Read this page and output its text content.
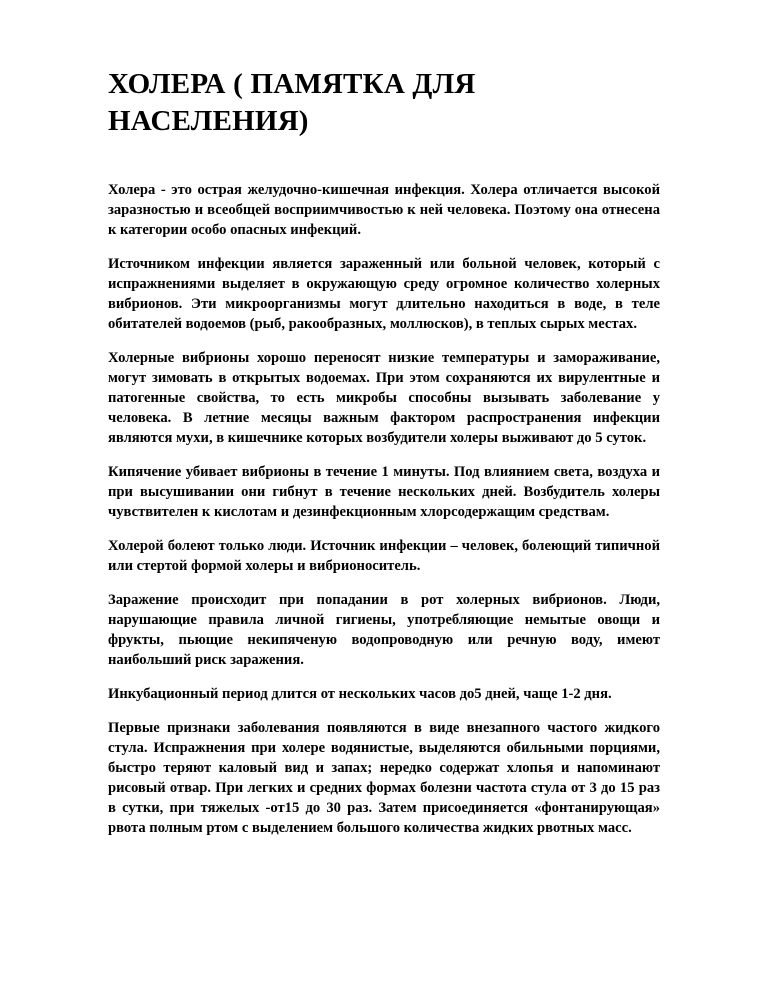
ХОЛЕРА ( ПАМЯТКА ДЛЯ НАСЕЛЕНИЯ)

Холера - это острая желудочно-кишечная инфекция. Холера отличается высокой заразностью и всеобщей восприимчивостью к ней человека. Поэтому она отнесена к категории особо опасных инфекций.

Источником инфекции является зараженный или больной человек, который с испражнениями выделяет в окружающую среду огромное количество холерных вибрионов. Эти микроорганизмы могут длительно находиться в воде, в теле обитателей водоемов (рыб, ракообразных, моллюсков), в теплых сырых местах.

Холерные вибрионы хорошо переносят низкие температуры и замораживание, могут зимовать в открытых водоемах. При этом сохраняются их вирулентные и патогенные свойства, то есть микробы способны вызывать заболевание у человека. В летние месяцы важным фактором распространения инфекции являются мухи, в кишечнике которых возбудители холеры выживают до 5 суток.

Кипячение убивает вибрионы в течение 1 минуты. Под влиянием света, воздуха и при высушивании они гибнут в течение нескольких дней. Возбудитель холеры чувствителен к кислотам и дезинфекционным хлорсодержащим средствам.

Холерой болеют только люди. Источник инфекции – человек, болеющий типичной или стертой формой холеры и вибрионоситель.

Заражение происходит при попадании в рот холерных вибрионов. Люди, нарушающие правила личной гигиены, употребляющие немытые овощи и фрукты, пьющие некипяченую водопроводную или речную воду, имеют наибольший риск заражения.

Инкубационный период длится от нескольких часов до5 дней, чаще 1-2 дня.

Первые признаки заболевания появляются в виде внезапного частого жидкого стула. Испражнения при холере водянистые, выделяются обильными порциями, быстро теряют каловый вид и запах; нередко содержат хлопья и напоминают рисовый отвар. При легких и средних формах болезни частота стула от 3 до 15 раз в сутки, при тяжелых -от15 до 30 раз. Затем присоединяется «фонтанирующая» рвота полным ртом с выделением большого количества жидких рвотных масс.
